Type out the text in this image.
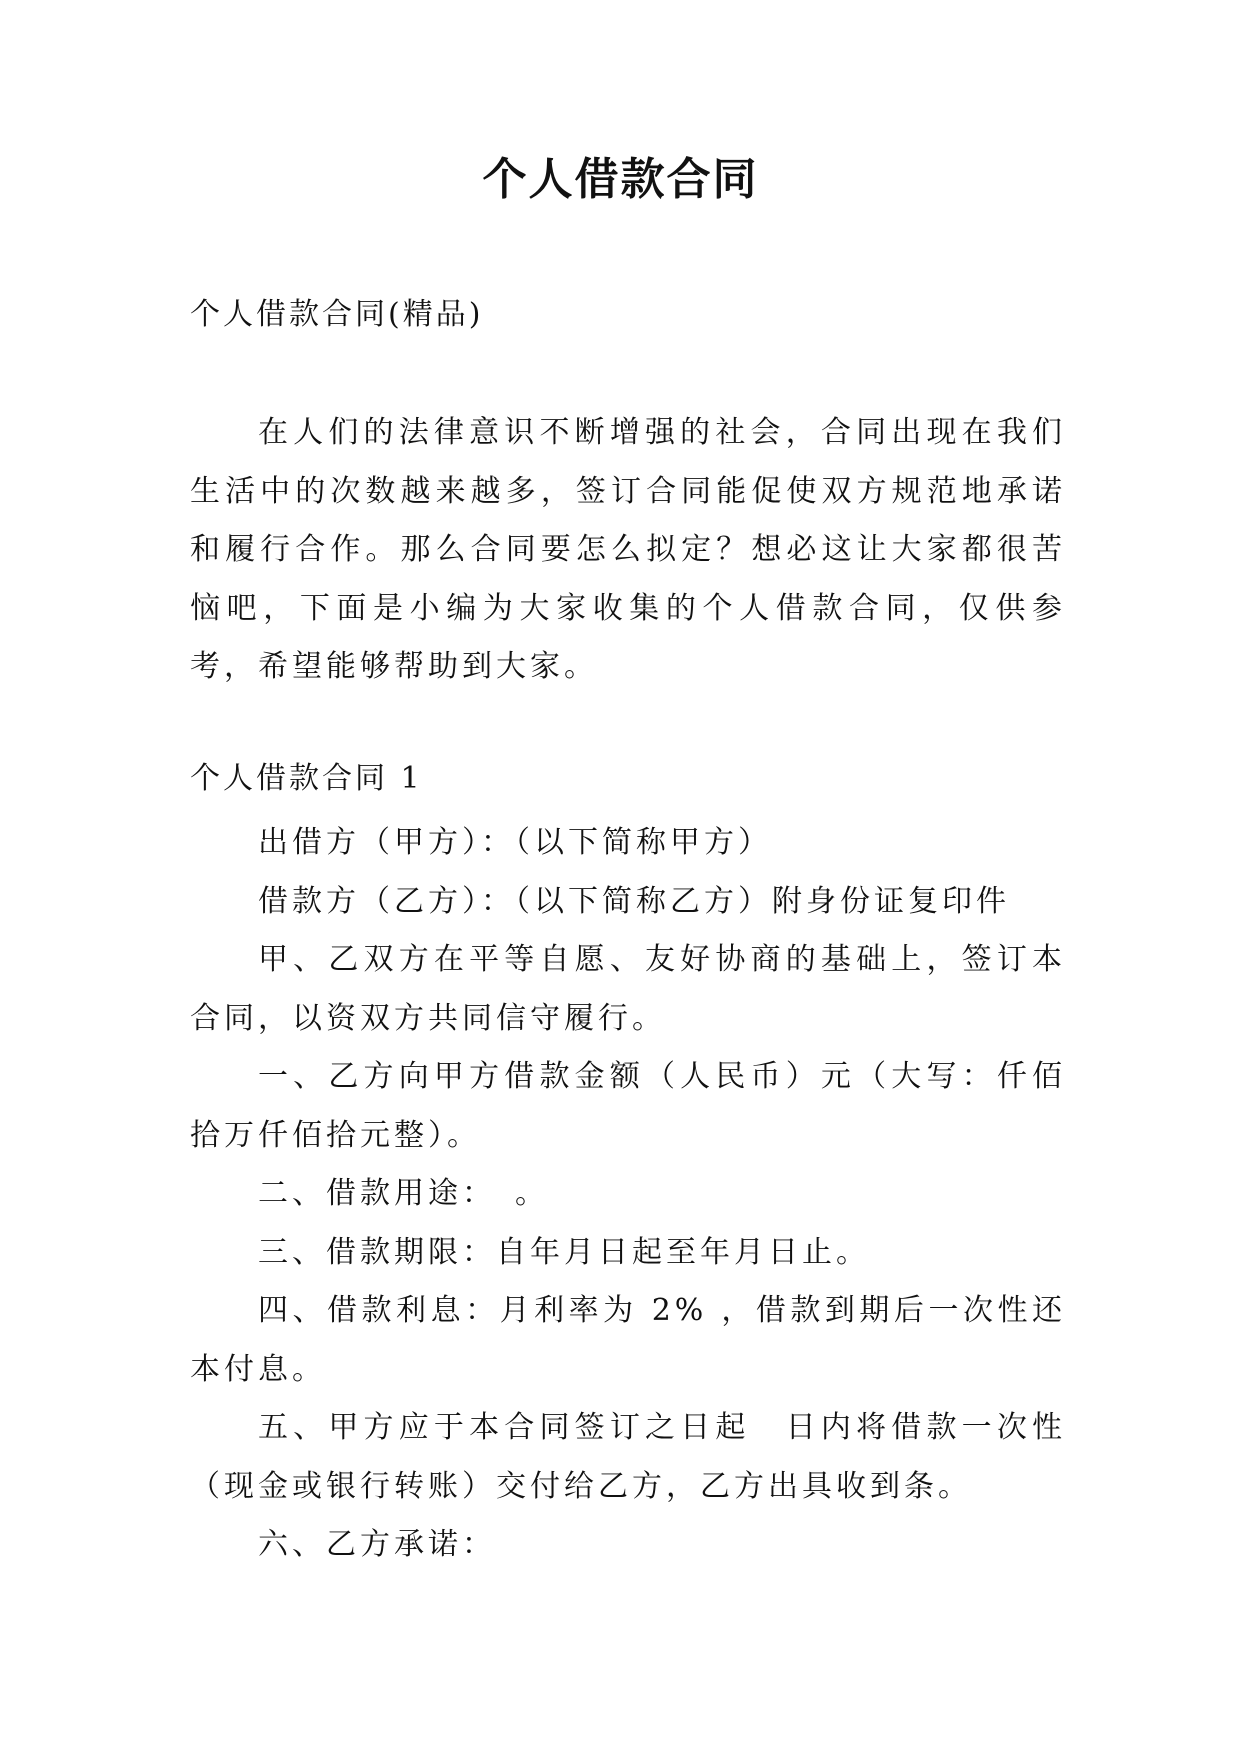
个人借款合同
个人借款合同(精品)

在人们的法律意识不断增强的社会，合同出现在我们生活中的次数越来越多，签订合同能促使双方规范地承诺和履行合作。那么合同要怎么拟定？想必这让大家都很苦恼吧，下面是小编为大家收集的个人借款合同，仅供参考，希望能够帮助到大家。

个人借款合同 1

出借方（甲方）：（以下简称甲方）

借款方（乙方）：（以下简称乙方）附身份证复印件

甲、乙双方在平等自愿、友好协商的基础上，签订本合同，以资双方共同信守履行。

一、乙方向甲方借款金额（人民币）元（大写：仟佰拾万仟佰拾元整）。

二、借款用途：　。

三、借款期限：自年月日起至年月日止。

四、借款利息：月利率为 2% ，借款到期后一次性还本付息。

五、甲方应于本合同签订之日起　日内将借款一次性（现金或银行转账）交付给乙方，乙方出具收到条。

六、乙方承诺：
